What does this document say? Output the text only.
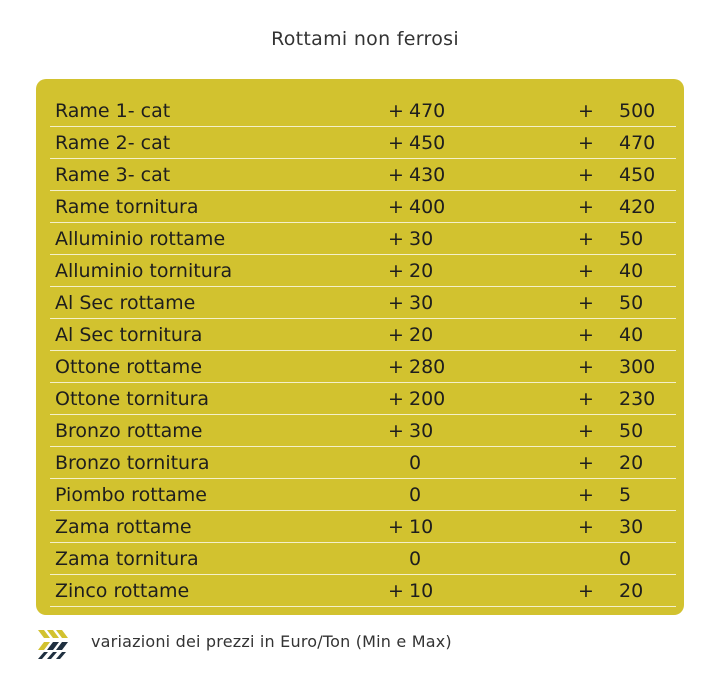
Rottami non ferrosi
Rame 1- cat	+ 470	+ 500
Rame 2- cat	+ 450	+ 470
Rame 3- cat	+ 430	+ 450
Rame tornitura	+ 400	+ 420
Alluminio rottame	+ 30	+ 50
Alluminio tornitura	+ 20	+ 40
Al Sec rottame	+ 30	+ 50
Al Sec tornitura	+ 20	+ 40
Ottone rottame	+ 280	+ 300
Ottone tornitura	+ 200	+ 230
Bronzo rottame	+ 30	+ 50
Bronzo tornitura	0	+ 20
Piombo rottame	0	+ 5
Zama rottame	+ 10	+ 30
Zama tornitura	0	0
Zinco rottame	+ 10	+ 20
variazioni dei prezzi in Euro/Ton (Min e Max)
